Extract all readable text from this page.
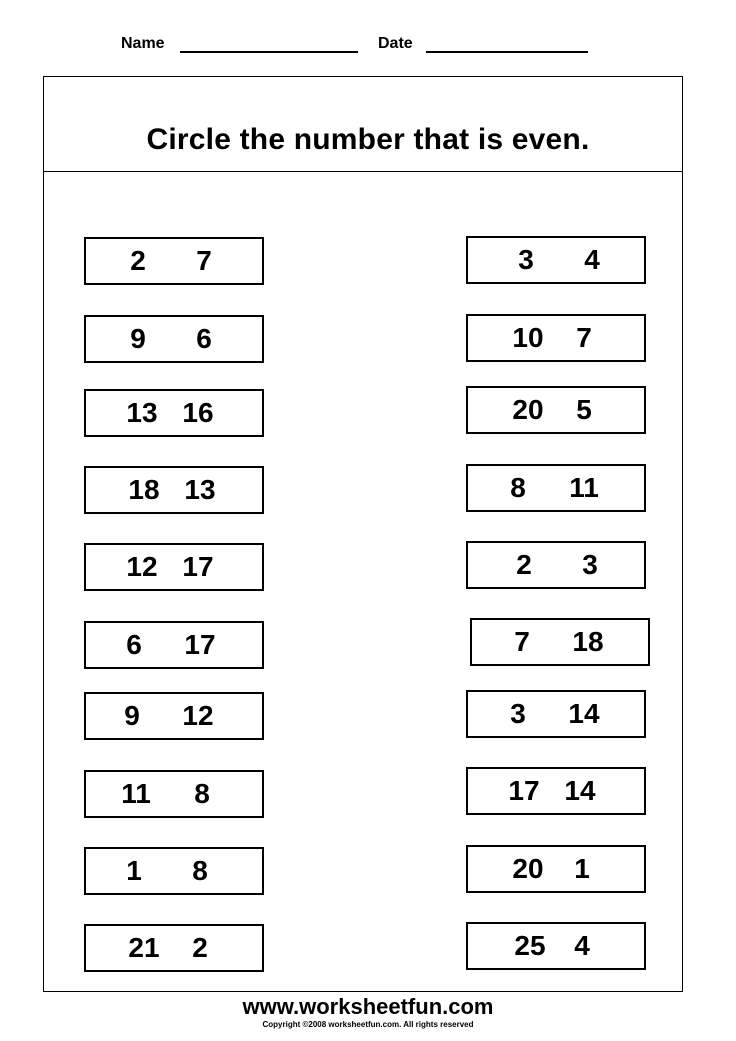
Name	Date
Circle the number that is even.
2 7
9 6
13 16
18 13
12 17
6 17
9 12
11 8
1 8
21 2
3 4
10 7
20 5
8 11
2 3
7 18
3 14
17 14
20 1
25 4
www.worksheetfun.com
Copyright ©2008 worksheetfun.com. All rights reserved
